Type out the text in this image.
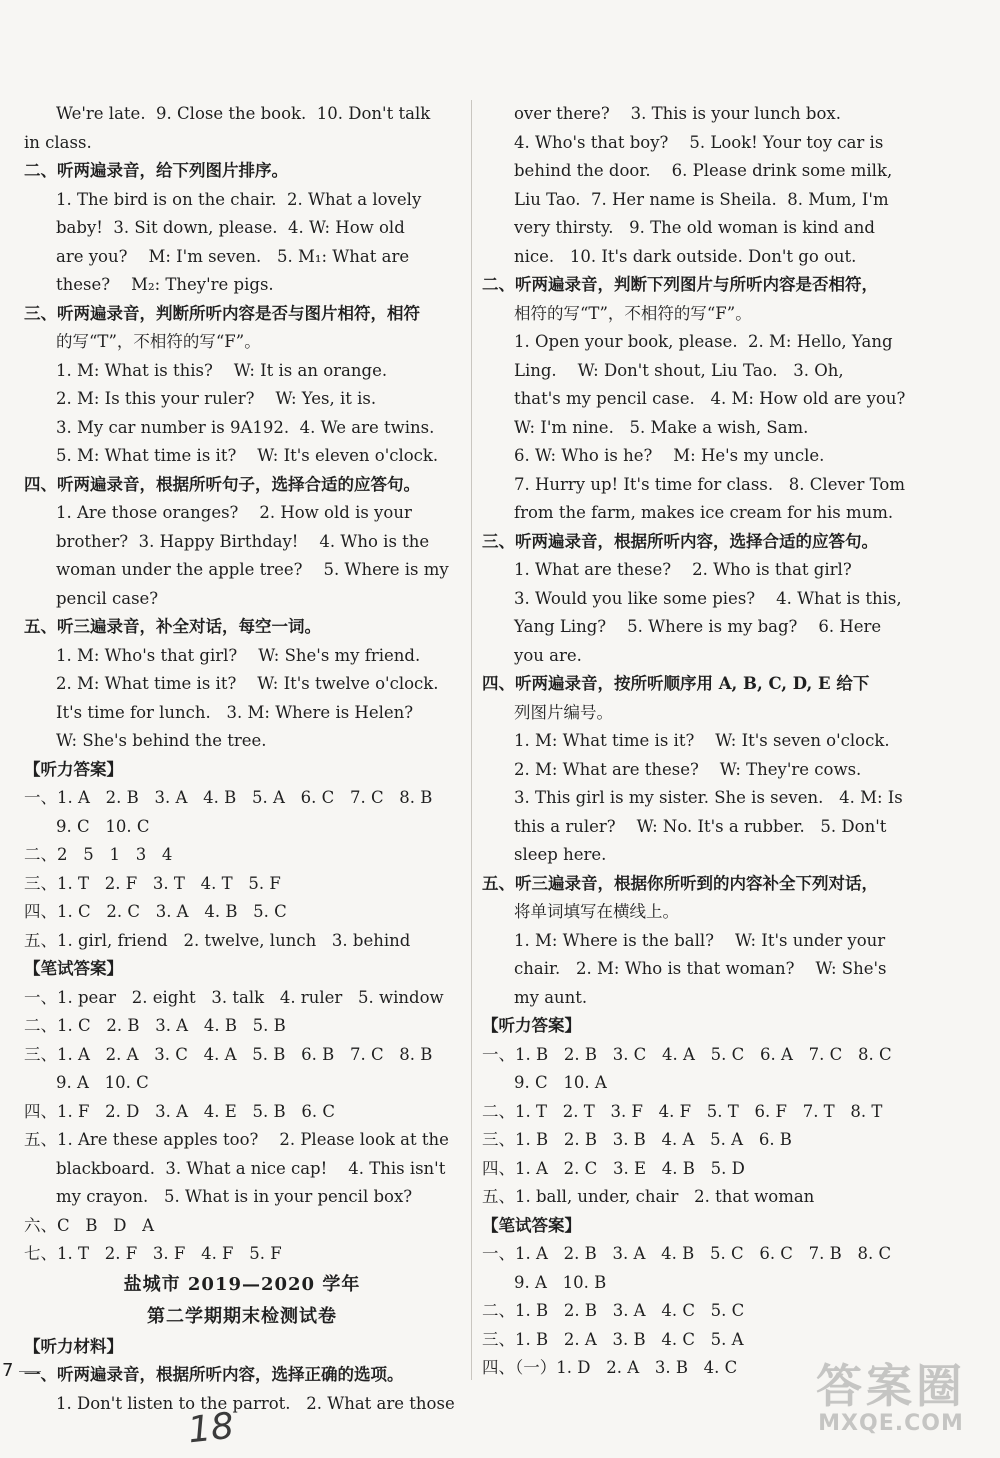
We're late.  9. Close the book.  10. Don't talk
in class.
二、听两遍录音，给下列图片排序。
1. The bird is on the chair.  2. What a lovely
baby!  3. Sit down, please.  4. W: How old
are you?    M: I'm seven.   5. M₁: What are
these?    M₂: They're pigs.
三、听两遍录音，判断所听内容是否与图片相符，相符
的写“T”，不相符的写“F”。
1. M: What is this?    W: It is an orange.
2. M: Is this your ruler?    W: Yes, it is.
3. My car number is 9A192.  4. We are twins.
5. M: What time is it?    W: It's eleven o'clock.
四、听两遍录音，根据所听句子，选择合适的应答句。
1. Are those oranges?    2. How old is your
brother?  3. Happy Birthday!    4. Who is the
woman under the apple tree?    5. Where is my
pencil case?
五、听三遍录音，补全对话，每空一词。
1. M: Who's that girl?    W: She's my friend.
2. M: What time is it?    W: It's twelve o'clock.
It's time for lunch.   3. M: Where is Helen?
W: She's behind the tree.
【听力答案】
一、1. A   2. B   3. A   4. B   5. A   6. C   7. C   8. B
9. C   10. C
二、2   5   1   3   4
三、1. T   2. F   3. T   4. T   5. F
四、1. C   2. C   3. A   4. B   5. C
五、1. girl, friend   2. twelve, lunch   3. behind
【笔试答案】
一、1. pear   2. eight   3. talk   4. ruler   5. window
二、1. C   2. B   3. A   4. B   5. B
三、1. A   2. A   3. C   4. A   5. B   6. B   7. C   8. B
9. A   10. C
四、1. F   2. D   3. A   4. E   5. B   6. C
五、1. Are these apples too?    2. Please look at the
blackboard.  3. What a nice cap!    4. This isn't
my crayon.   5. What is in your pencil box?
六、C   B   D   A
七、1. T   2. F   3. F   4. F   5. F
盐城市 2019—2020 学年
第二学期期末检测试卷
【听力材料】
一、听两遍录音，根据所听内容，选择正确的选项。
1. Don't listen to the parrot.   2. What are those
over there?    3. This is your lunch box.
4. Who's that boy?    5. Look! Your toy car is
behind the door.    6. Please drink some milk,
Liu Tao.  7. Her name is Sheila.  8. Mum, I'm
very thirsty.   9. The old woman is kind and
nice.   10. It's dark outside. Don't go out.
二、听两遍录音，判断下列图片与所听内容是否相符，
相符的写“T”，不相符的写“F”。
1. Open your book, please.  2. M: Hello, Yang
Ling.    W: Don't shout, Liu Tao.   3. Oh,
that's my pencil case.   4. M: How old are you?
W: I'm nine.   5. Make a wish, Sam.
6. W: Who is he?    M: He's my uncle.
7. Hurry up! It's time for class.   8. Clever Tom
from the farm, makes ice cream for his mum.
三、听两遍录音，根据所听内容，选择合适的应答句。
1. What are these?    2. Who is that girl?
3. Would you like some pies?    4. What is this,
Yang Ling?    5. Where is my bag?    6. Here
you are.
四、听两遍录音，按所听顺序用 A, B, C, D, E 给下
列图片编号。
1. M: What time is it?    W: It's seven o'clock.
2. M: What are these?    W: They're cows.
3. This girl is my sister. She is seven.   4. M: Is
this a ruler?    W: No. It's a rubber.   5. Don't
sleep here.
五、听三遍录音，根据你所听到的内容补全下列对话，
将单词填写在横线上。
1. M: Where is the ball?    W: It's under your
chair.   2. M: Who is that woman?    W: She's
my aunt.
【听力答案】
一、1. B   2. B   3. C   4. A   5. C   6. A   7. C   8. C
9. C   10. A
二、1. T   2. T   3. F   4. F   5. T   6. F   7. T   8. T
三、1. B   2. B   3. B   4. A   5. A   6. B
四、1. A   2. C   3. E   4. B   5. D
五、1. ball, under, chair   2. that woman
【笔试答案】
一、1. A   2. B   3. A   4. B   5. C   6. C   7. B   8. C
9. A   10. B
二、1. B   2. B   3. A   4. C   5. C
三、1. B   2. A   3. B   4. C   5. A
四、（一）1. D   2. A   3. B   4. C
7
18
答案圈
MXQE.COM
